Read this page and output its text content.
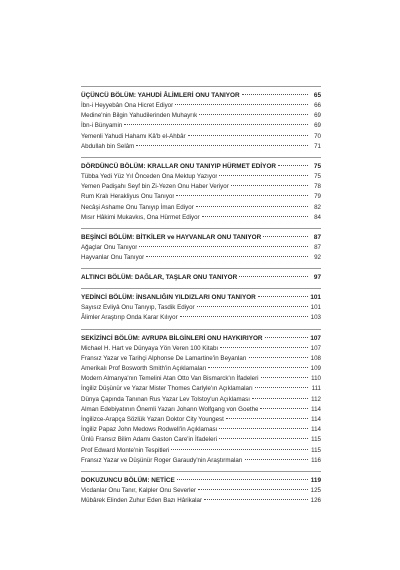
ÜÇÜNCÜ BÖLÜM: YAHUDİ ÂLİMLERİ ONU TANIYOR	65
İbn-i Heyyebân Ona Hicret Ediyor	66
Medine'nin Bilgin Yahudilerinden Muhayrık	69
İbn-i Bünyamin	69
Yemenli Yahudi Hahamı Kâ'b el-Ahbâr	70
Abdullah bin Selâm	71
DÖRDÜNCÜ BÖLÜM: KRALLAR ONU TANIYIP HÜRMET EDİYOR	75
Tübba Yedi Yüz Yıl Önceden Ona Mektup Yazıyor	75
Yemen Padişahı Seyf bin Zi-Yezen Onu Haber Veriyor	78
Rum Kralı Herakliyus Onu Tanıyor	79
Necâşi Ashame Onu Tanıyıp İman Ediyor	82
Mısır Hâkimi Mukavkıs, Ona Hürmet Ediyor	84
BEŞİNCİ BÖLÜM: BİTKİLER ve HAYVANLAR ONU TANIYOR	87
Ağaçlar Onu Tanıyor	87
Hayvanlar Onu Tanıyor	92
ALTINCI BÖLÜM: DAĞLAR, TAŞLAR ONU TANIYOR	97
YEDİNCİ BÖLÜM: İNSANLIĞIN YILDIZLARI ONU TANIYOR	101
Sayısız Evliyâ Onu Tanıyıp, Tasdik Ediyor	101
Âlimler Araştırıp Onda Karar Kılıyor	103
SEKİZİNCİ BÖLÜM: AVRUPA BİLGİNLERİ ONU HAYKIRIYOR	107
Michael H. Hart ve Dünyaya Yön Veren 100 Kitabı	107
Fransız Yazar ve Tarihçi Alphonse De Lamartine'in Beyanları	108
Amerikalı Prof Bosworth Smith'in Açıklamaları	109
Modern Almanya'nın Temelini Atan Otto Van Bismarck'ın İfadeleri	110
İngiliz Düşünür ve Yazar Mister Thomes Carlyle'ın Açıklamaları	111
Dünya Çapında Tanınan Rus Yazar Lev Tolstoy'un Açıklaması	112
Alman Edebiyatının Önemli Yazarı Johann Wolfgang von Goethe	114
İngilizce-Arapça Sözlük Yazarı Doktor City Youngest	114
İngiliz Papaz John Medows Rodwell'in Açıklaması	114
Ünlü Fransız Bilim Adamı Gaston Care'in İfadeleri	115
Prof Edward Monte'nin Tespitleri	115
Fransız Yazar ve Düşünür Roger Garaudy'nin Araştırmaları	116
DOKUZUNCU BÖLÜM: NETİCE	119
Vicdanlar Onu Tanır, Kalpler Onu Severler	125
Mübârek Elinden Zuhur Eden Bazı Hârikalar	126
